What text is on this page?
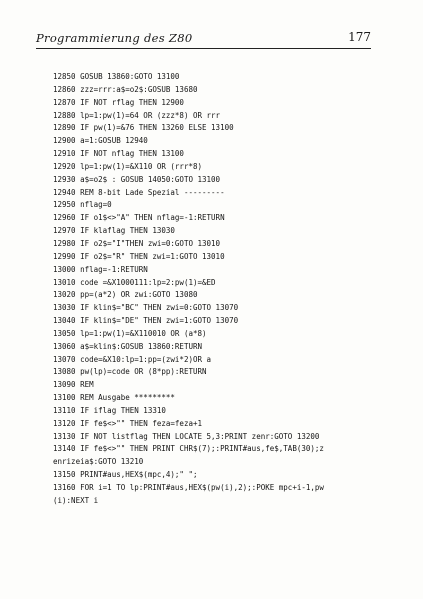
Programmierung des Z80	177
12850 GOSUB 13860:GOTO 13100
12860 zzz=rrr:a$=o2$:GOSUB 13680
12870 IF NOT rflag THEN 12900
12880 lp=1:pw(1)=64 OR (zzz*8) OR rrr
12890 IF pw(1)=&76 THEN 13260 ELSE 13100
12900 a=1:GOSUB 12940
12910 IF NOT nflag THEN 13100
12920 lp=1:pw(1)=&X110 OR (rrr*8)
12930 a$=o2$ : GOSUB 14050:GOTO 13100
12940 REM 8-bit Lade Spezial ---------
12950 nflag=0
12960 IF o1$<>"A" THEN nflag=-1:RETURN
12970 IF klaflag THEN 13030
12980 IF o2$="I"THEN zwi=0:GOTO 13010
12990 IF o2$="R" THEN zwi=1:GOTO 13010
13000 nflag=-1:RETURN
13010 code =&X1000111:lp=2:pw(1)=&ED
13020 pp=(a*2) OR zwi:GOTO 13080
13030 IF klin$="BC" THEN zwi=0:GOTO 13070
13040 IF klin$="DE" THEN zwi=1:GOTO 13070
13050 lp=1:pw(1)=&X110010 OR (a*8)
13060 a$=klin$:GOSUB 13860:RETURN
13070 code=&X10:lp=1:pp=(zwi*2)OR a
13080 pw(lp)=code OR (8*pp):RETURN
13090 REM
13100 REM Ausgabe *********
13110 IF iflag THEN 13310
13120 IF fe$<>"" THEN feza=feza+1
13130 IF NOT listflag THEN LOCATE 5,3:PRINT zenr:GOTO 13200
13140 IF fe$<>"" THEN PRINT CHR$(7);:PRINT#aus,fe$,TAB(30);z
enrizeia$:GOTO 13210
13150 PRINT#aus,HEX$(mpc,4);" ";
13160 FOR i=1 TO lp:PRINT#aus,HEX$(pw(i),2);:POKE mpc+i-1,pw
(i):NEXT i
